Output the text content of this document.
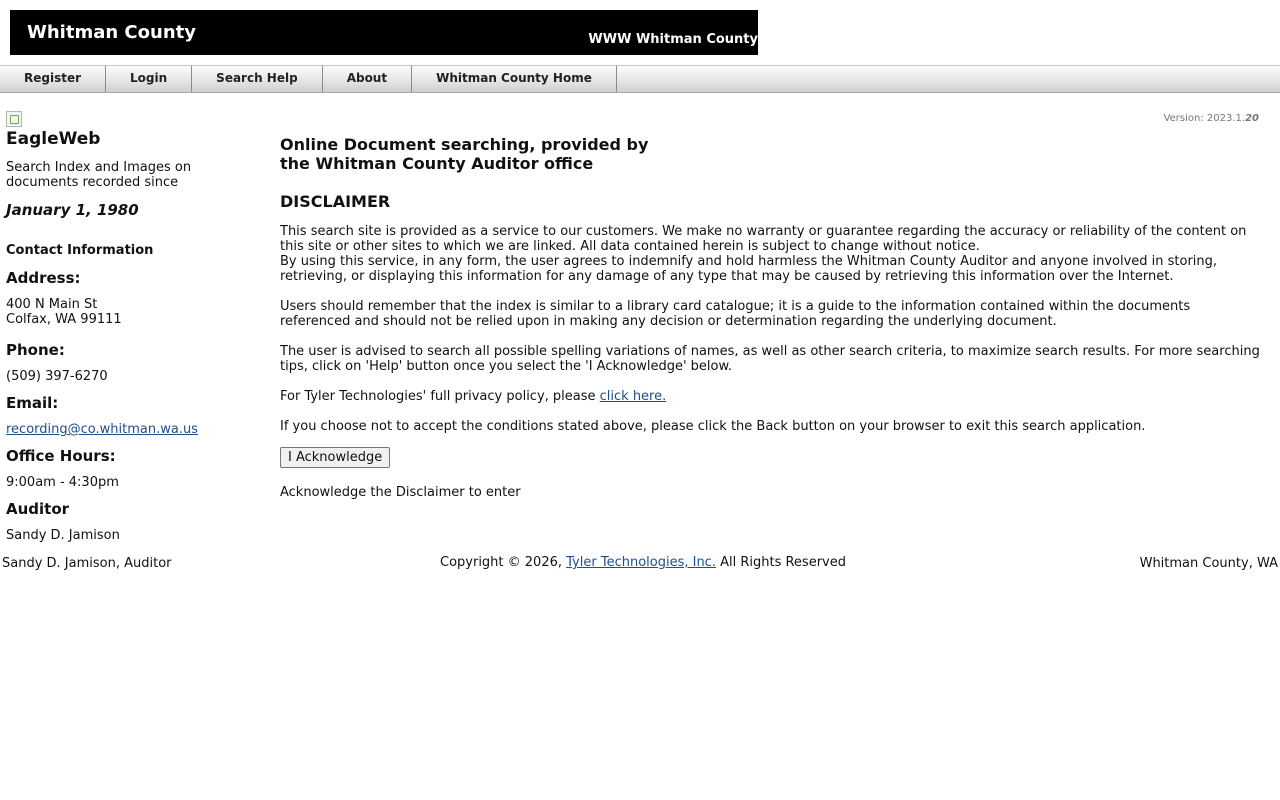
Whitman County	WWW Whitman County
Register	Login	Search Help	About	Whitman County Home
EagleWeb
Search Index and Images on documents recorded since
January 1, 1980
Contact Information
Address:
400 N Main St
Colfax, WA 99111
Phone:
(509) 397-6270
Email:
recording@co.whitman.wa.us
Office Hours:
9:00am - 4:30pm
Auditor
Sandy D. Jamison
Version: 2023.1.20
Online Document searching, provided by
the Whitman County Auditor office
DISCLAIMER
This search site is provided as a service to our customers. We make no warranty or guarantee regarding the accuracy or reliability of the content on this site or other sites to which we are linked. All data contained herein is subject to change without notice.
By using this service, in any form, the user agrees to indemnify and hold harmless the Whitman County Auditor and anyone involved in storing, retrieving, or displaying this information for any damage of any type that may be caused by retrieving this information over the Internet.
Users should remember that the index is similar to a library card catalogue; it is a guide to the information contained within the documents referenced and should not be relied upon in making any decision or determination regarding the underlying document.
The user is advised to search all possible spelling variations of names, as well as other search criteria, to maximize search results. For more searching tips, click on 'Help' button once you select the 'I Acknowledge' below.
For Tyler Technologies' full privacy policy, please click here.
If you choose not to accept the conditions stated above, please click the Back button on your browser to exit this search application.
I Acknowledge
Acknowledge the Disclaimer to enter
Sandy D. Jamison, Auditor	Copyright © 2026, Tyler Technologies, Inc. All Rights Reserved	Whitman County, WA
